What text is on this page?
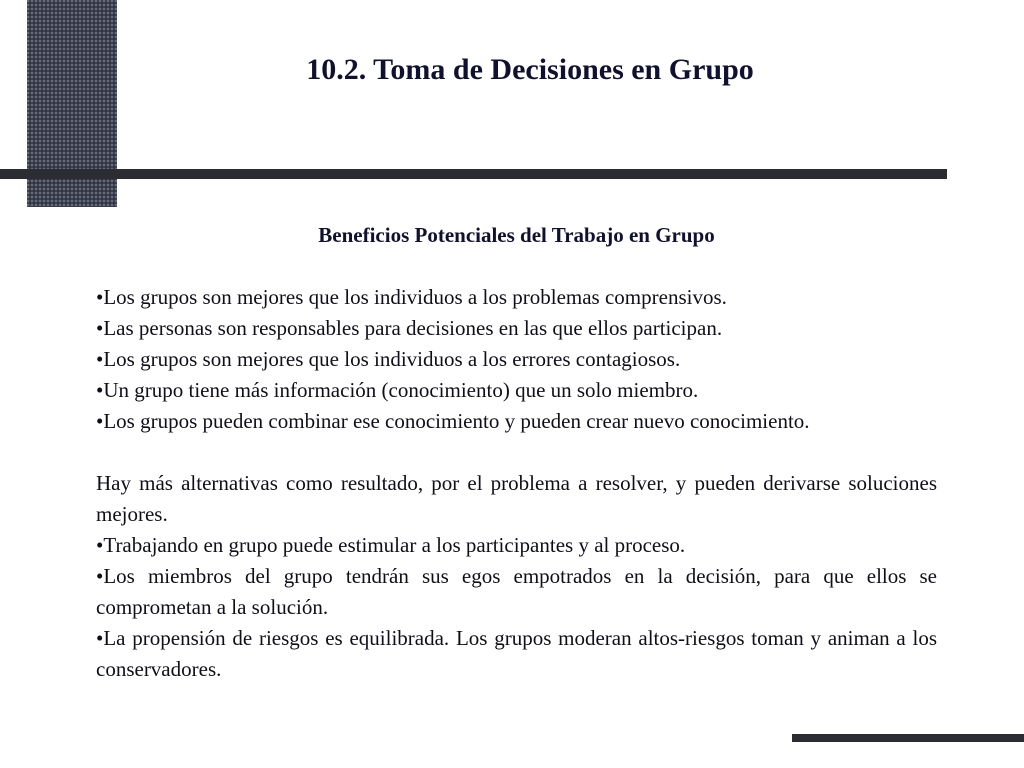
10.2. Toma de Decisiones en Grupo

Beneficios Potenciales del Trabajo en Grupo

•Los grupos son mejores que los individuos a los problemas comprensivos.

•Las personas son responsables para decisiones en las que ellos participan.

•Los grupos son mejores que los individuos a los errores contagiosos.

•Un grupo tiene más información (conocimiento) que un solo miembro.

•Los grupos pueden combinar ese conocimiento y pueden crear nuevo conocimiento.

Hay más alternativas como resultado, por el problema a resolver, y pueden derivarse soluciones mejores.

•Trabajando en grupo puede estimular a los participantes y al proceso.

•Los miembros del grupo tendrán sus egos empotrados en la decisión, para que ellos se comprometan a la solución.

•La propensión de riesgos es equilibrada. Los grupos moderan altos-riesgos toman y animan a los conservadores.
